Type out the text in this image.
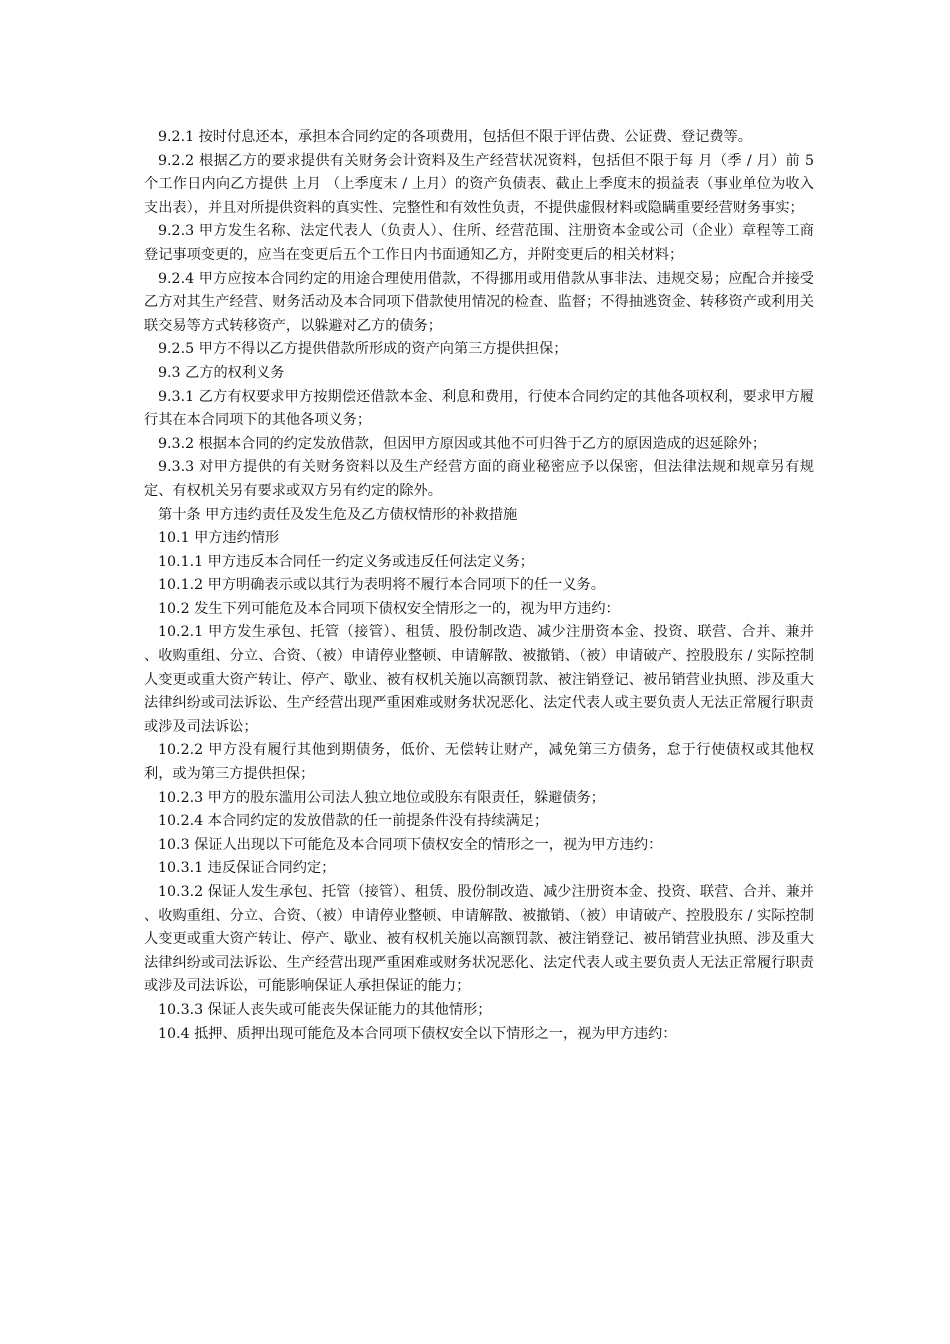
9.2.1 按时付息还本，承担本合同约定的各项费用，包括但不限于评估费、公证费、登记费等。

9.2.2 根据乙方的要求提供有关财务会计资料及生产经营状况资料，包括但不限于每 月（季 / 月）前 5 个工作日内向乙方提供 上月 （上季度末 / 上月）的资产负债表、截止上季度末的损益表（事业单位为收入支出表），并且对所提供资料的真实性、完整性和有效性负责，不提供虚假材料或隐瞒重要经营财务事实；

9.2.3 甲方发生名称、法定代表人（负责人）、住所、经营范围、注册资本金或公司（企业）章程等工商登记事项变更的，应当在变更后五个工作日内书面通知乙方，并附变更后的相关材料；

9.2.4 甲方应按本合同约定的用途合理使用借款，不得挪用或用借款从事非法、违规交易；应配合并接受乙方对其生产经营、财务活动及本合同项下借款使用情况的检查、监督；不得抽逃资金、转移资产或利用关联交易等方式转移资产，以躲避对乙方的债务；

9.2.5 甲方不得以乙方提供借款所形成的资产向第三方提供担保；

9.3 乙方的权利义务

9.3.1 乙方有权要求甲方按期偿还借款本金、利息和费用，行使本合同约定的其他各项权利，要求甲方履行其在本合同项下的其他各项义务；

9.3.2 根据本合同的约定发放借款，但因甲方原因或其他不可归咎于乙方的原因造成的迟延除外；

9.3.3 对甲方提供的有关财务资料以及生产经营方面的商业秘密应予以保密，但法律法规和规章另有规定、有权机关另有要求或双方另有约定的除外。

第十条 甲方违约责任及发生危及乙方债权情形的补救措施

10.1 甲方违约情形

10.1.1 甲方违反本合同任一约定义务或违反任何法定义务；

10.1.2 甲方明确表示或以其行为表明将不履行本合同项下的任一义务。

10.2 发生下列可能危及本合同项下债权安全情形之一的，视为甲方违约：

10.2.1 甲方发生承包、托管（接管）、租赁、股份制改造、减少注册资本金、投资、联营、合并、兼并 、收购重组、分立、合资、（被）申请停业整顿、申请解散、被撤销、（被）申请破产、控股股东 / 实际控制人变更或重大资产转让、停产、歇业、被有权机关施以高额罚款、被注销登记、被吊销营业执照、涉及重大法律纠纷或司法诉讼、生产经营出现严重困难或财务状况恶化、法定代表人或主要负责人无法正常履行职责或涉及司法诉讼；

10.2.2 甲方没有履行其他到期债务，低价、无偿转让财产，减免第三方债务，怠于行使债权或其他权利，或为第三方提供担保；

10.2.3 甲方的股东滥用公司法人独立地位或股东有限责任，躲避债务；

10.2.4 本合同约定的发放借款的任一前提条件没有持续满足；

10.3 保证人出现以下可能危及本合同项下债权安全的情形之一，视为甲方违约：

10.3.1 违反保证合同约定；

10.3.2 保证人发生承包、托管（接管）、租赁、股份制改造、减少注册资本金、投资、联营、合并、兼并 、收购重组、分立、合资、（被）申请停业整顿、申请解散、被撤销、（被）申请破产、控股股东 / 实际控制人变更或重大资产转让、停产、歇业、被有权机关施以高额罚款、被注销登记、被吊销营业执照、涉及重大法律纠纷或司法诉讼、生产经营出现严重困难或财务状况恶化、法定代表人或主要负责人无法正常履行职责或涉及司法诉讼，可能影响保证人承担保证的能力；

10.3.3 保证人丧失或可能丧失保证能力的其他情形；

10.4 抵押、质押出现可能危及本合同项下债权安全以下情形之一，视为甲方违约：
